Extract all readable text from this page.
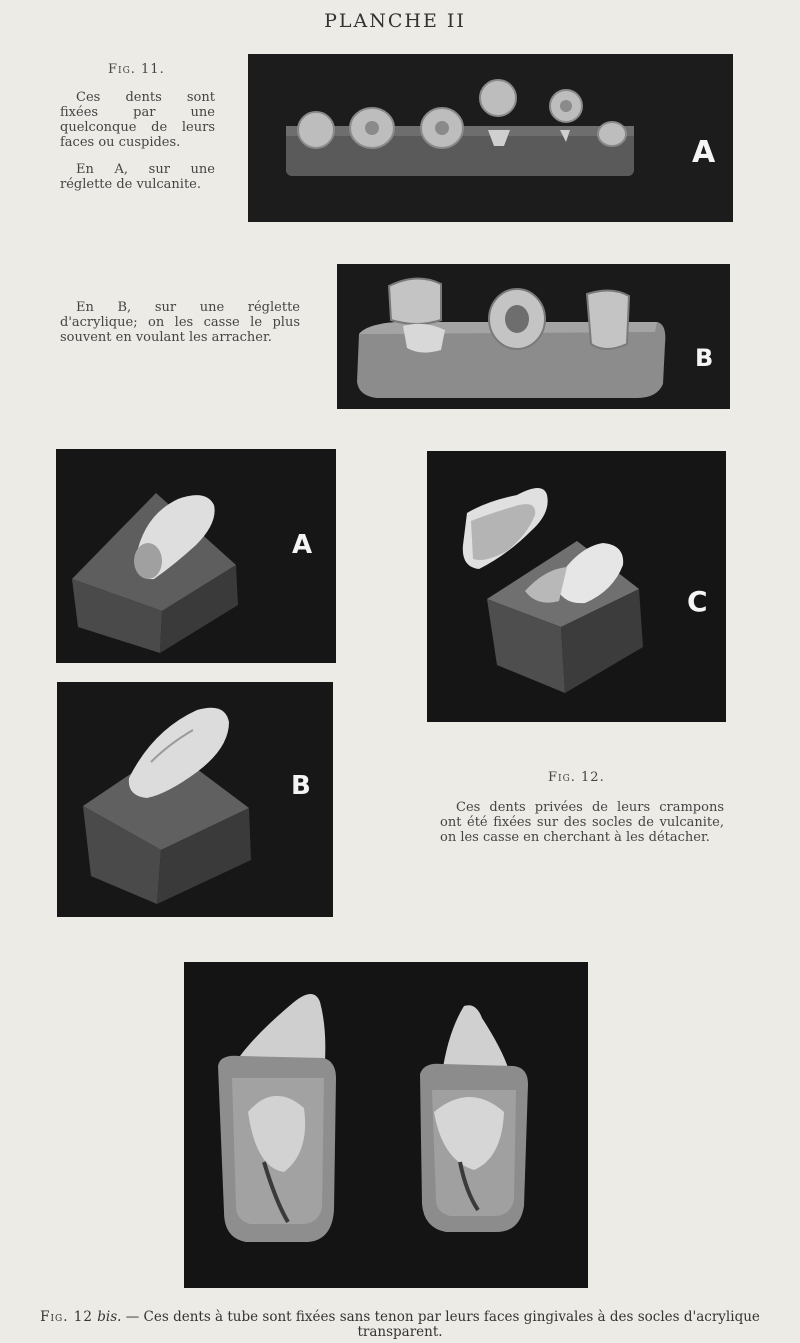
PLANCHE II
Fig. 11.
Ces dents sont fixées par une quelconque de leurs faces ou cuspides.
En A, sur une réglette de vulcanite.
En B, sur une réglette d'acrylique; on les casse le plus souvent en voulant les arracher.
A
B
A
C
B	Fig. 12.
Ces dents privées de leurs crampons ont été fixées sur des socles de vulcanite, on les casse en cherchant à les détacher.
Fig. 12 bis. — Ces dents à tube sont fixées sans tenon par leurs faces gingivales à des socles d'acrylique transparent.
